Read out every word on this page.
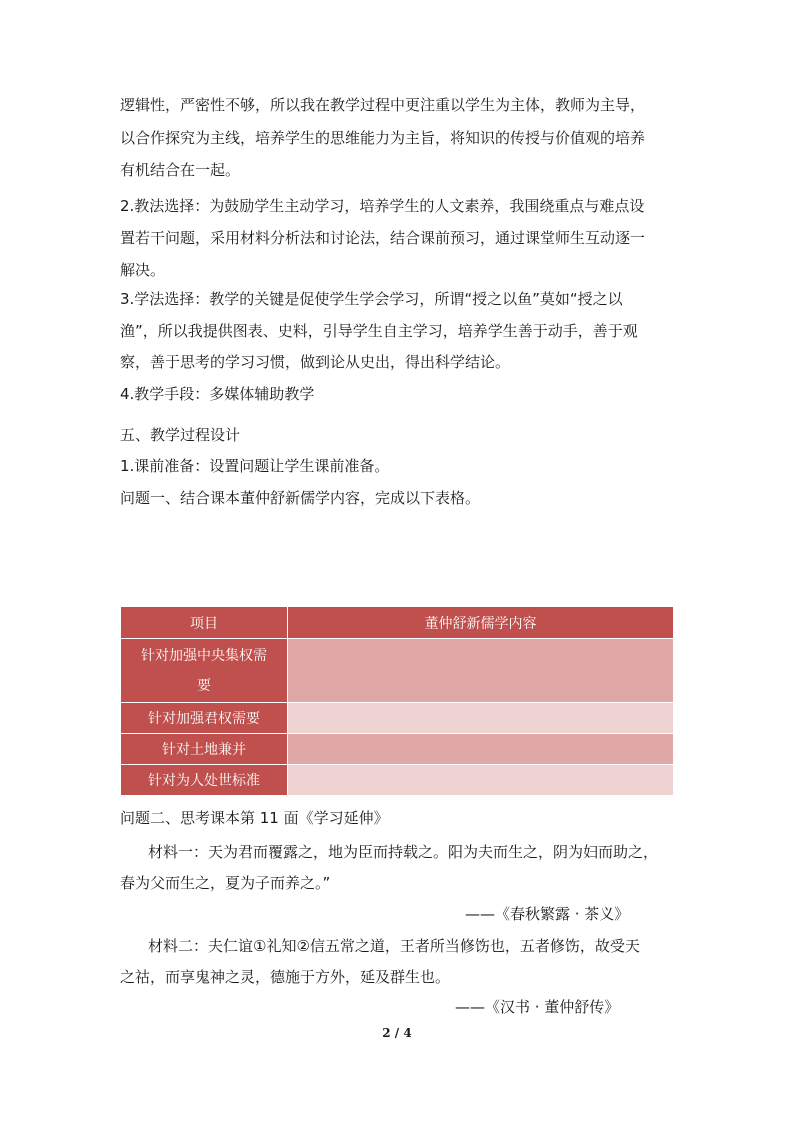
逻辑性，严密性不够，所以我在教学过程中更注重以学生为主体，教师为主导，
以合作探究为主线，培养学生的思维能力为主旨，将知识的传授与价值观的培养
有机结合在一起。
2.教法选择：为鼓励学生主动学习，培养学生的人文素养，我围绕重点与难点设
置若干问题，采用材料分析法和讨论法，结合课前预习，通过课堂师生互动逐一
解决。
3.学法选择：教学的关键是促使学生学会学习，所谓“授之以鱼”莫如“授之以
渔”，所以我提供图表、史料，引导学生自主学习，培养学生善于动手，善于观
察，善于思考的学习习惯，做到论从史出，得出科学结论。
4.教学手段：多媒体辅助教学
五、教学过程设计
1.课前准备：设置问题让学生课前准备。
问题一、结合课本董仲舒新儒学内容，完成以下表格。
项目	董仲舒新儒学内容

针对加强中央集权需
要	

针对加强君权需要	
针对土地兼并	
针对为人处世标准	
问题二、思考课本第 11 面《学习延伸》
材料一：天为君而覆露之，地为臣而持载之。阳为夫而生之，阴为妇而助之，
春为父而生之，夏为子而养之。”
——《春秋繁露 · 茶义》
材料二：夫仁谊①礼知②信五常之道，王者所当修饬也，五者修饬，故受天
之祜，而享鬼神之灵，德施于方外，延及群生也。
——《汉书 · 董仲舒传》
2 / 4
